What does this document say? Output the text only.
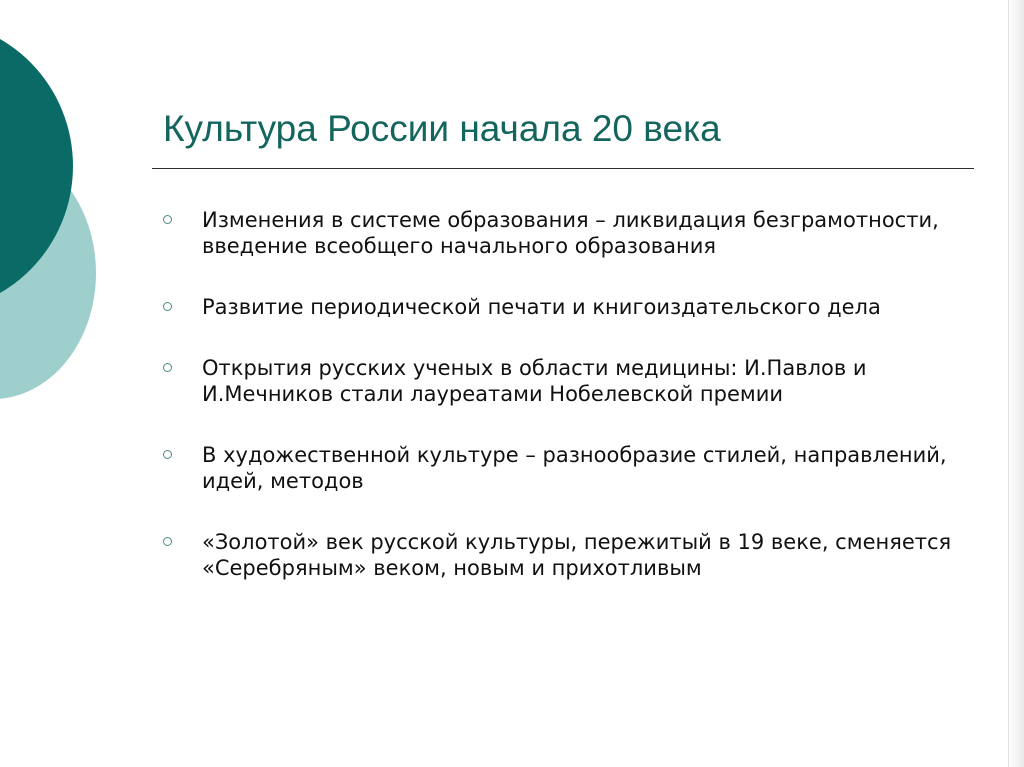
Культура России начала 20 века
Изменения в системе образования – ликвидация безграмотности, введение всеобщего начального образования
Развитие периодической печати и книгоиздательского дела
Открытия русских ученых в области медицины: И.Павлов и И.Мечников стали лауреатами Нобелевской премии
В художественной культуре – разнообразие стилей, направлений, идей, методов
«Золотой» век русской культуры, пережитый в 19 веке, сменяется «Серебряным» веком, новым и прихотливым
